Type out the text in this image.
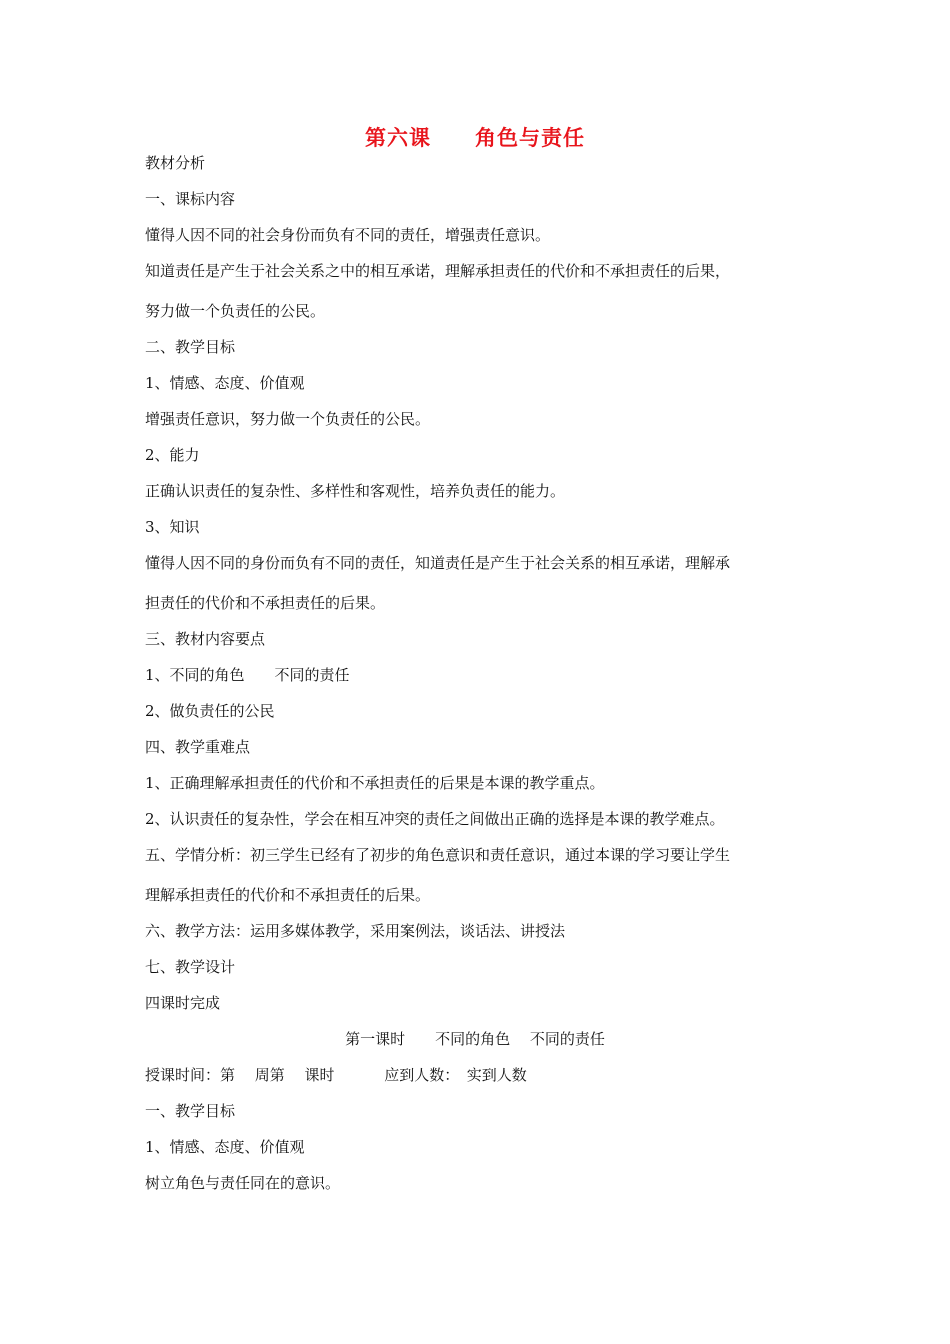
第六课　　角色与责任
教材分析
一、课标内容
懂得人因不同的社会身份而负有不同的责任，增强责任意识。
知道责任是产生于社会关系之中的相互承诺，理解承担责任的代价和不承担责任的后果，
努力做一个负责任的公民。
二、教学目标
1、情感、态度、价值观
增强责任意识，努力做一个负责任的公民。
2、能力
正确认识责任的复杂性、多样性和客观性，培养负责任的能力。
3、知识
懂得人因不同的身份而负有不同的责任，知道责任是产生于社会关系的相互承诺，理解承
担责任的代价和不承担责任的后果。
三、教材内容要点
1、不同的角色　　不同的责任
2、做负责任的公民
四、教学重难点
1、正确理解承担责任的代价和不承担责任的后果是本课的教学重点。
2、认识责任的复杂性，学会在相互冲突的责任之间做出正确的选择是本课的教学难点。
五、学情分析：初三学生已经有了初步的角色意识和责任意识，通过本课的学习要让学生
理解承担责任的代价和不承担责任的后果。
六、教学方法：运用多媒体教学，采用案例法，谈话法、讲授法
七、教学设计
四课时完成
第一课时　　不同的角色　 不同的责任
授课时间：第　 周第　 课时　　　 应到人数：　实到人数
一、教学目标
1、情感、态度、价值观
树立角色与责任同在的意识。
